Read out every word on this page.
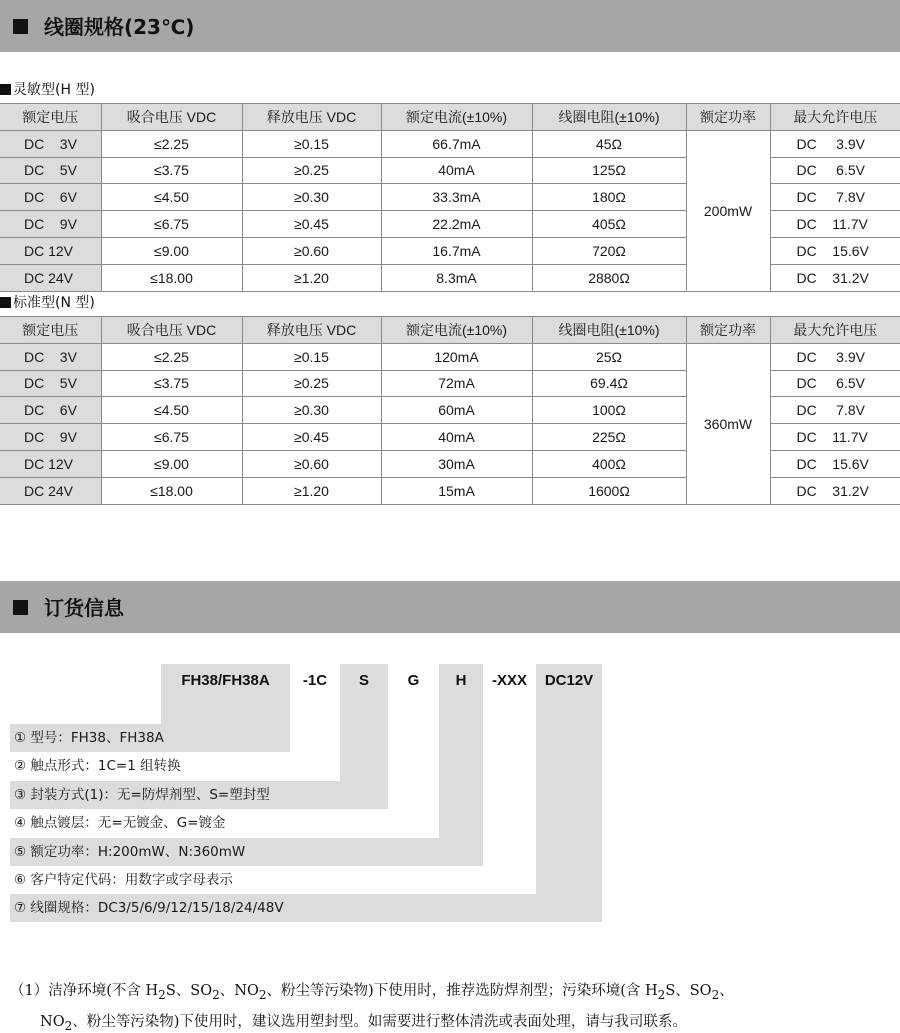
线圈规格(23℃)
灵敏型(H 型)
额定电压	吸合电压 VDC	释放电压 VDC	额定电流(±10%)	线圈电阻(±10%)	额定功率	最大允许电压
DC    3V	≤2.25	≥0.15	66.7mA	45Ω	200mW	DC     3.9V
DC    5V	≤3.75	≥0.25	40mA	125Ω		DC     6.5V
DC    6V	≤4.50	≥0.30	33.3mA	180Ω		DC     7.8V
DC    9V	≤6.75	≥0.45	22.2mA	405Ω		DC    11.7V
DC 12V	≤9.00	≥0.60	16.7mA	720Ω		DC    15.6V
DC 24V	≤18.00	≥1.20	8.3mA	2880Ω		DC    31.2V
标准型(N 型)
额定电压	吸合电压 VDC	释放电压 VDC	额定电流(±10%)	线圈电阻(±10%)	额定功率	最大允许电压
DC    3V	≤2.25	≥0.15	120mA	25Ω	360mW	DC     3.9V
DC    5V	≤3.75	≥0.25	72mA	69.4Ω		DC     6.5V
DC    6V	≤4.50	≥0.30	60mA	100Ω		DC     7.8V
DC    9V	≤6.75	≥0.45	40mA	225Ω		DC    11.7V
DC 12V	≤9.00	≥0.60	30mA	400Ω		DC    15.6V
DC 24V	≤18.00	≥1.20	15mA	1600Ω		DC    31.2V
订货信息
FH38/FH38A	-1C	S	G	H	-XXX	DC12V
① 型号：FH38、FH38A
② 触点形式：1C=1 组转换
③ 封装方式(1)：无=防焊剂型、S=塑封型
④ 触点镀层：无=无镀金、G=镀金
⑤ 额定功率：H:200mW、N:360mW
⑥ 客户特定代码：用数字或字母表示
⑦ 线圈规格：DC3/5/6/9/12/15/18/24/48V
（1）洁净环境(不含 $H_2S$、$SO_2$、$NO_2$、粉尘等污染物)下使用时，推荐选防焊剂型；污染环境(含 $H_2S$、$SO_2$、
$NO_2$、粉尘等污染物)下使用时，建议选用塑封型。如需要进行整体清洗或表面处理，请与我司联系。
